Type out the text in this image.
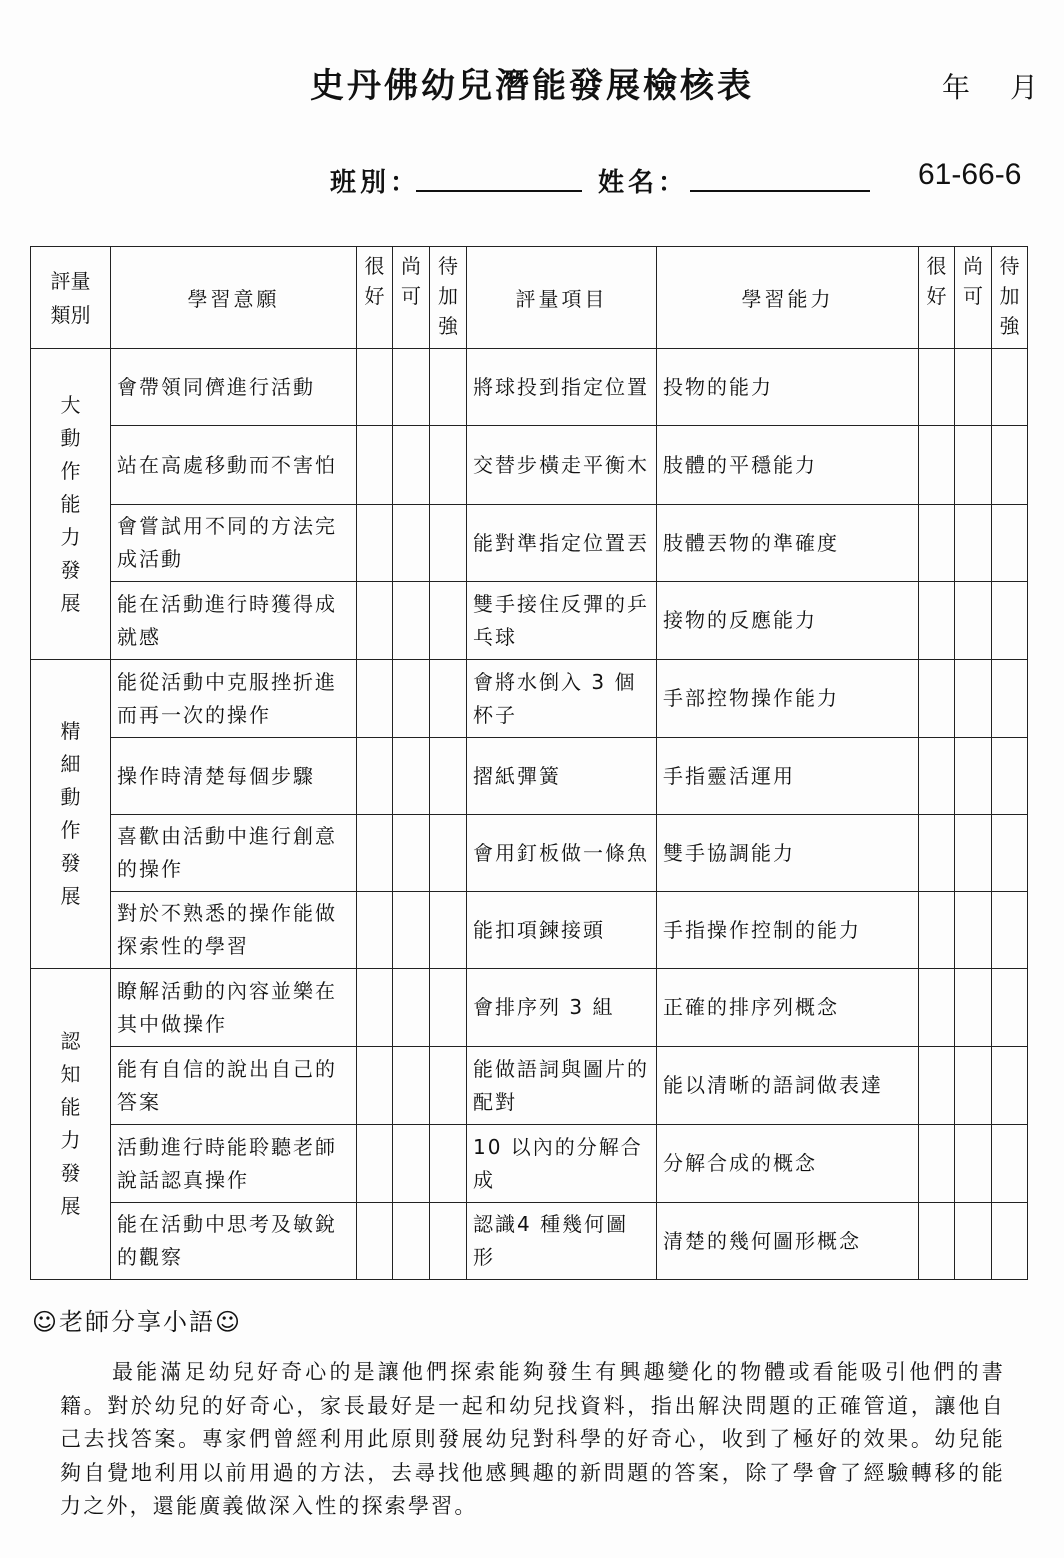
史丹佛幼兒潛能發展檢核表	年 月
班別：	姓名：	61-66-6
評量類別	學習意願	很好	尚可	待加強	評量項目	學習能力	很好	尚可	待加強

大動作能力發展	會帶領同儕進行活動				將球投到指定位置	投物的能力			
	站在高處移動而不害怕				交替步橫走平衡木	肢體的平穩能力			
	會嘗試用不同的方法完成活動				能對準指定位置丟	肢體丟物的準確度			
	能在活動進行時獲得成就感				雙手接住反彈的乒乓球	接物的反應能力			

精細動作發展	能從活動中克服挫折進而再一次的操作				會將水倒入 3 個杯子	手部控物操作能力			
	操作時清楚每個步驟				摺紙彈簧	手指靈活運用			
	喜歡由活動中進行創意的操作				會用釘板做一條魚	雙手協調能力			
	對於不熟悉的操作能做探索性的學習				能扣項鍊接頭	手指操作控制的能力			

認知能力發展	瞭解活動的內容並樂在其中做操作				會排序列 3 組	正確的排序列概念			
	能有自信的說出自己的答案				能做語詞與圖片的配對	能以清晰的語詞做表達			
	活動進行時能聆聽老師說話認真操作				10 以內的分解合成	分解合成的概念			
	能在活動中思考及敏銳的觀察				認識4 種幾何圖形	清楚的幾何圖形概念			
☺老師分享小語☺
最能滿足幼兒好奇心的是讓他們探索能夠發生有興趣變化的物體或看能吸引他們的書籍。對於幼兒的好奇心，家長最好是一起和幼兒找資料，指出解決問題的正確管道，讓他自己去找答案。專家們曾經利用此原則發展幼兒對科學的好奇心，收到了極好的效果。幼兒能夠自覺地利用以前用過的方法，去尋找他感興趣的新問題的答案，除了學會了經驗轉移的能力之外，還能廣義做深入性的探索學習。
